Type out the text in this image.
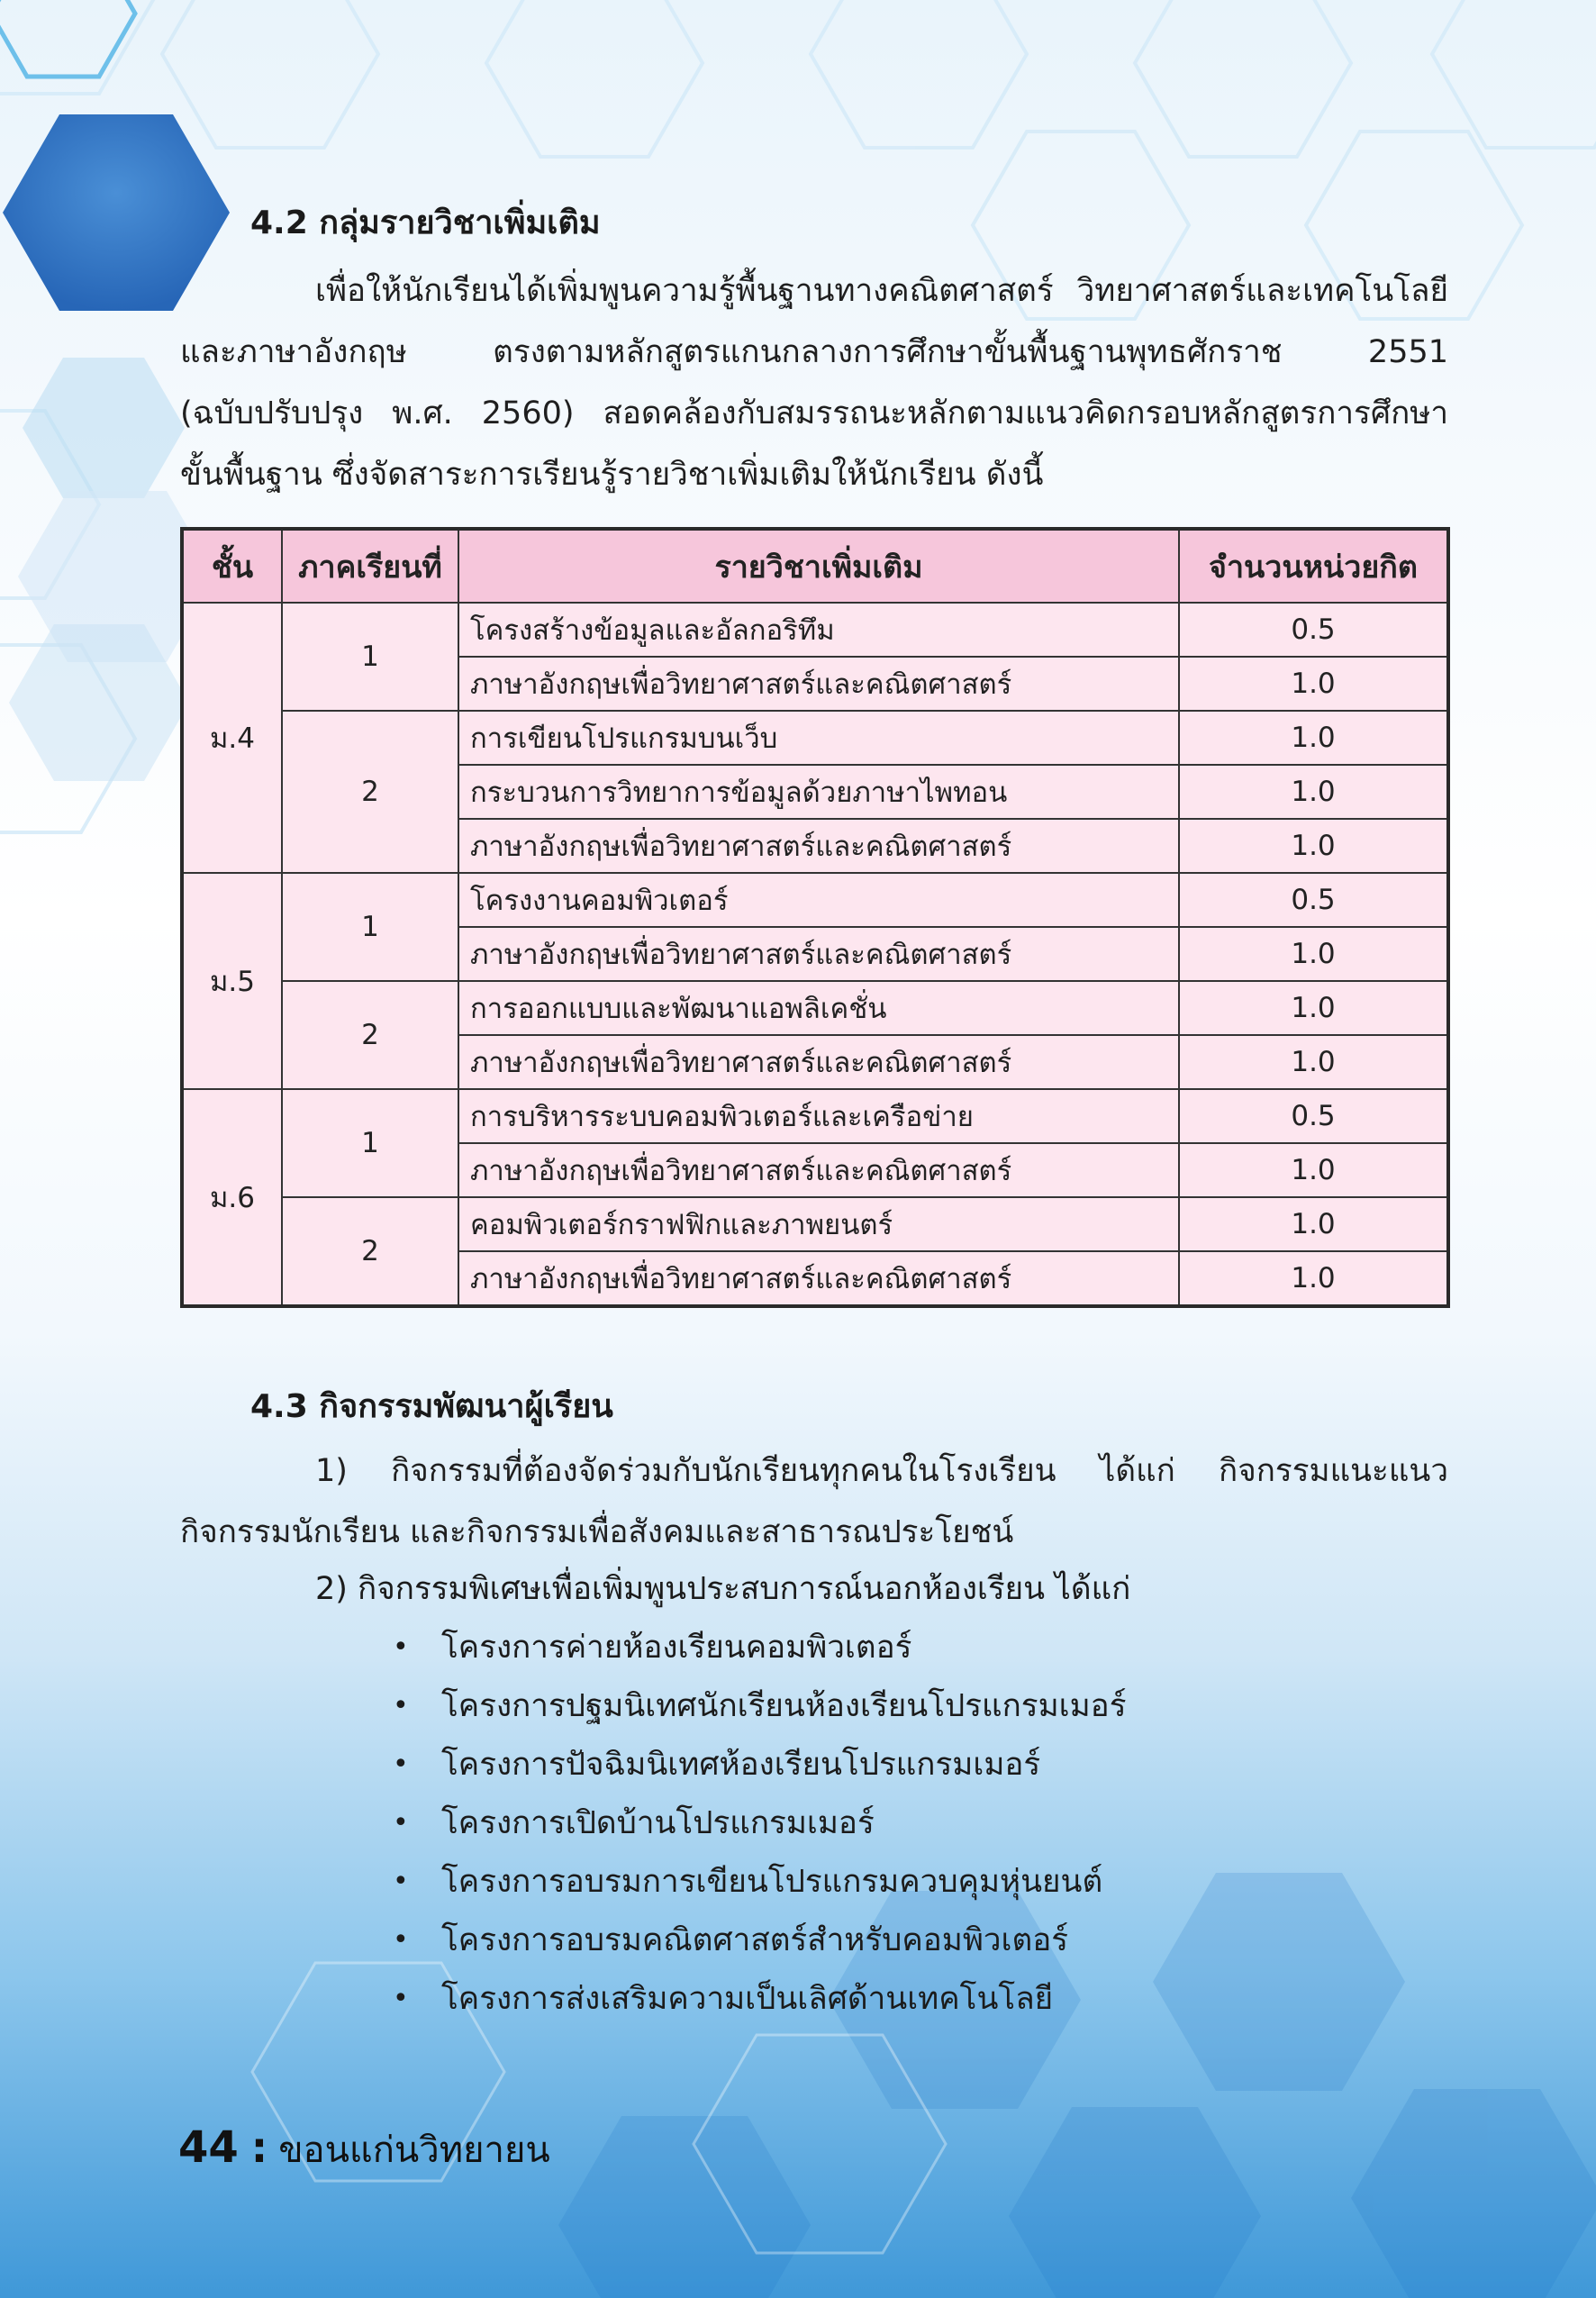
4.2 กลุ่มรายวิชาเพิ่มเติม
เพื่อให้นักเรียนได้เพิ่มพูนความรู้พื้นฐานทางคณิตศาสตร์ วิทยาศาสตร์และเทคโนโลยี
และภาษาอังกฤษ ตรงตามหลักสูตรแกนกลางการศึกษาขั้นพื้นฐานพุทธศักราช 2551
(ฉบับปรับปรุง พ.ศ. 2560) สอดคล้องกับสมรรถนะหลักตามแนวคิดกรอบหลักสูตรการศึกษา
ขั้นพื้นฐาน ซึ่งจัดสาระการเรียนรู้รายวิชาเพิ่มเติมให้นักเรียน ดังนี้
ชั้น	ภาคเรียนที่	รายวิชาเพิ่มเติม	จำนวนหน่วยกิต
ม.4	1	โครงสร้างข้อมูลและอัลกอริทึม	0.5
		ภาษาอังกฤษเพื่อวิทยาศาสตร์และคณิตศาสตร์	1.0
	2	การเขียนโปรแกรมบนเว็บ	1.0
		กระบวนการวิทยาการข้อมูลด้วยภาษาไพทอน	1.0
		ภาษาอังกฤษเพื่อวิทยาศาสตร์และคณิตศาสตร์	1.0
ม.5	1	โครงงานคอมพิวเตอร์	0.5
		ภาษาอังกฤษเพื่อวิทยาศาสตร์และคณิตศาสตร์	1.0
	2	การออกแบบและพัฒนาแอพลิเคชั่น	1.0
		ภาษาอังกฤษเพื่อวิทยาศาสตร์และคณิตศาสตร์	1.0
ม.6	1	การบริหารระบบคอมพิวเตอร์และเครือข่าย	0.5
		ภาษาอังกฤษเพื่อวิทยาศาสตร์และคณิตศาสตร์	1.0
	2	คอมพิวเตอร์กราฟฟิกและภาพยนตร์	1.0
		ภาษาอังกฤษเพื่อวิทยาศาสตร์และคณิตศาสตร์	1.0
4.3 กิจกรรมพัฒนาผู้เรียน
1) กิจกรรมที่ต้องจัดร่วมกับนักเรียนทุกคนในโรงเรียน ได้แก่ กิจกรรมแนะแนว
กิจกรรมนักเรียน และกิจกรรมเพื่อสังคมและสาธารณประโยชน์
2) กิจกรรมพิเศษเพื่อเพิ่มพูนประสบการณ์นอกห้องเรียน ได้แก่
• โครงการค่ายห้องเรียนคอมพิวเตอร์
• โครงการปฐมนิเทศนักเรียนห้องเรียนโปรแกรมเมอร์
• โครงการปัจฉิมนิเทศห้องเรียนโปรแกรมเมอร์
• โครงการเปิดบ้านโปรแกรมเมอร์
• โครงการอบรมการเขียนโปรแกรมควบคุมหุ่นยนต์
• โครงการอบรมคณิตศาสตร์สำหรับคอมพิวเตอร์
• โครงการส่งเสริมความเป็นเลิศด้านเทคโนโลยี
44 : ขอนแก่นวิทยายน
